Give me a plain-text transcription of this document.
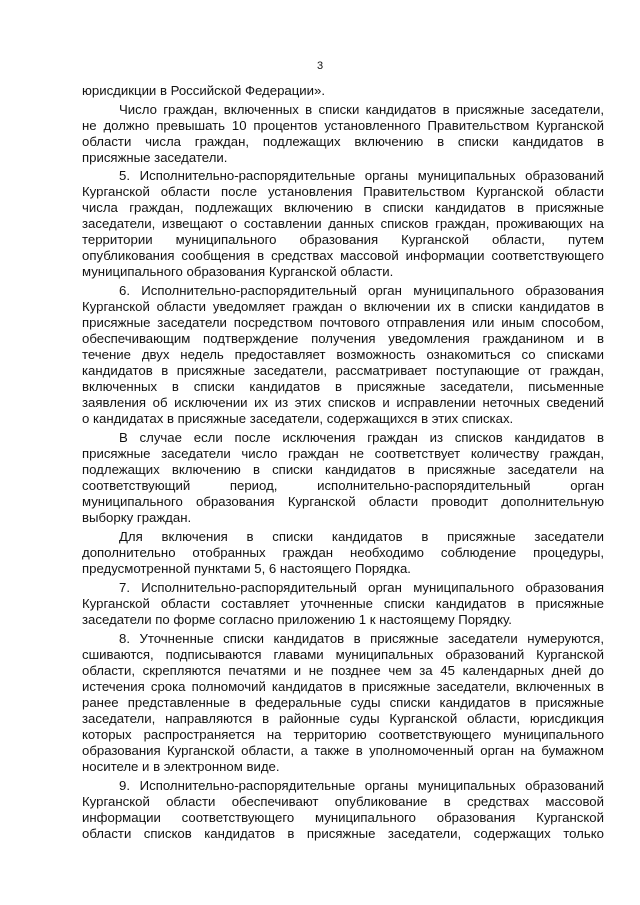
3
юрисдикции в Российской Федерации».
Число граждан, включенных в списки кандидатов в присяжные заседатели,
не должно превышать 10 процентов установленного Правительством Курганской
области числа граждан, подлежащих включению в списки кандидатов в
присяжные заседатели.
5. Исполнительно-распорядительные органы муниципальных образований
Курганской области после установления Правительством Курганской области
числа граждан, подлежащих включению в списки кандидатов в присяжные
заседатели, извещают о составлении данных списков граждан, проживающих на
территории муниципального образования Курганской области, путем
опубликования сообщения в средствах массовой информации соответствующего
муниципального образования Курганской области.
6. Исполнительно-распорядительный орган муниципального образования
Курганской области уведомляет граждан о включении их в списки кандидатов в
присяжные заседатели посредством почтового отправления или иным способом,
обеспечивающим подтверждение получения уведомления гражданином и в
течение двух недель предоставляет возможность ознакомиться со списками
кандидатов в присяжные заседатели, рассматривает поступающие от граждан,
включенных в списки кандидатов в присяжные заседатели, письменные
заявления об исключении их из этих списков и исправлении неточных сведений
о кандидатах в присяжные заседатели, содержащихся в этих списках.
В случае если после исключения граждан из списков кандидатов в
присяжные заседатели число граждан не соответствует количеству граждан,
подлежащих включению в списки кандидатов в присяжные заседатели на
соответствующий период, исполнительно-распорядительный орган
муниципального образования Курганской области проводит дополнительную
выборку граждан.
Для включения в списки кандидатов в присяжные заседатели
дополнительно отобранных граждан необходимо соблюдение процедуры,
предусмотренной пунктами 5, 6 настоящего Порядка.
7. Исполнительно-распорядительный орган муниципального образования
Курганской области составляет уточненные списки кандидатов в присяжные
заседатели по форме согласно приложению 1 к настоящему Порядку.
8. Уточненные списки кандидатов в присяжные заседатели нумеруются,
сшиваются, подписываются главами муниципальных образований Курганской
области, скрепляются печатями и не позднее чем за 45 календарных дней до
истечения срока полномочий кандидатов в присяжные заседатели, включенных в
ранее представленные в федеральные суды списки кандидатов в присяжные
заседатели, направляются в районные суды Курганской области, юрисдикция
которых распространяется на территорию соответствующего муниципального
образования Курганской области, а также в уполномоченный орган на бумажном
носителе и в электронном виде.
9. Исполнительно-распорядительные органы муниципальных образований
Курганской области обеспечивают опубликование в средствах массовой
информации соответствующего муниципального образования Курганской
области списков кандидатов в присяжные заседатели, содержащих только
